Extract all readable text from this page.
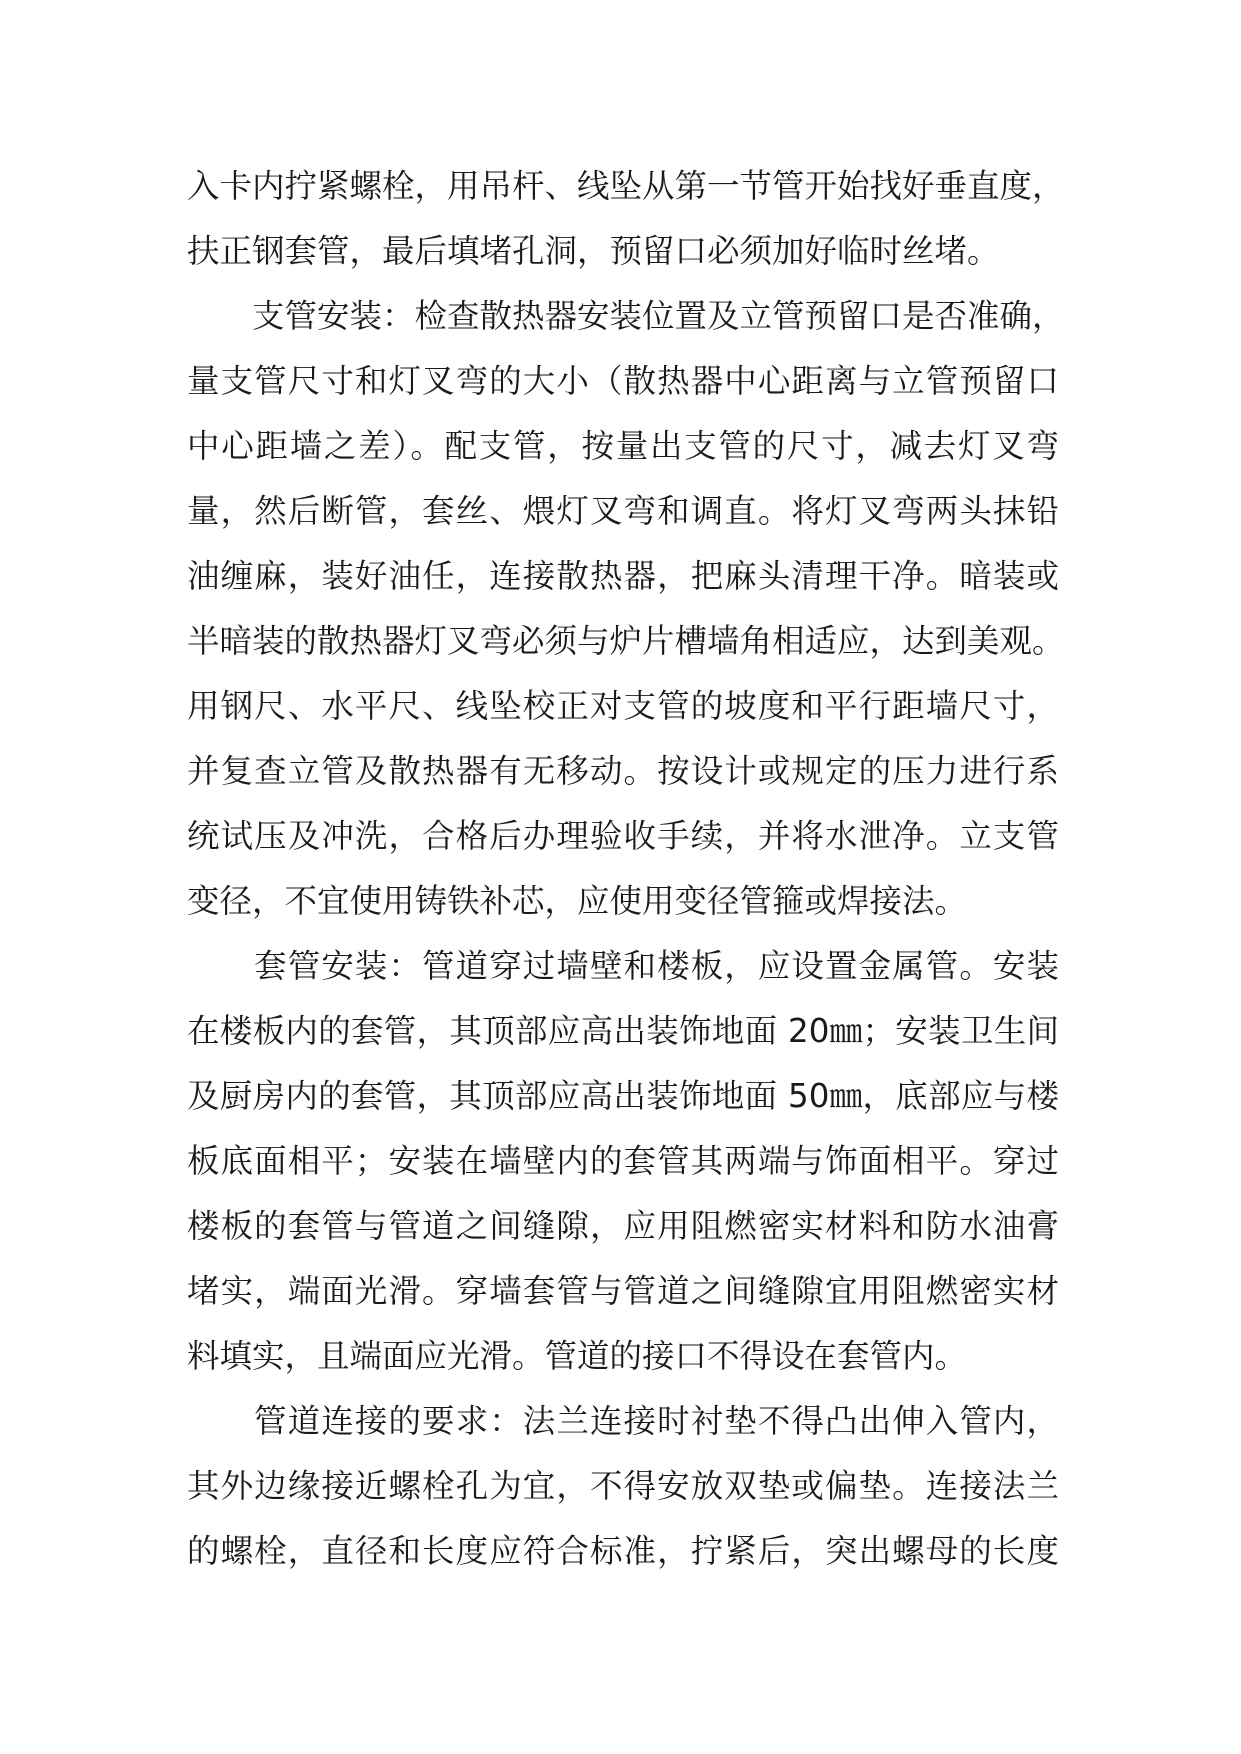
入卡内拧紧螺栓，用吊杆、线坠从第一节管开始找好垂直度，
扶正钢套管，最后填堵孔洞，预留口必须加好临时丝堵。
　　支管安装：检查散热器安装位置及立管预留口是否准确，
量支管尺寸和灯叉弯的大小（散热器中心距离与立管预留口
中心距墙之差）。配支管，按量出支管的尺寸，减去灯叉弯
量，然后断管，套丝、煨灯叉弯和调直。将灯叉弯两头抹铅
油缠麻，装好油任，连接散热器，把麻头清理干净。暗装或
半暗装的散热器灯叉弯必须与炉片槽墙角相适应，达到美观。
用钢尺、水平尺、线坠校正对支管的坡度和平行距墙尺寸，
并复查立管及散热器有无移动。按设计或规定的压力进行系
统试压及冲洗，合格后办理验收手续，并将水泄净。立支管
变径，不宜使用铸铁补芯，应使用变径管箍或焊接法。
　　套管安装：管道穿过墙壁和楼板，应设置金属管。安装
在楼板内的套管，其顶部应高出装饰地面 20㎜；安装卫生间
及厨房内的套管，其顶部应高出装饰地面 50㎜，底部应与楼
板底面相平；安装在墙壁内的套管其两端与饰面相平。穿过
楼板的套管与管道之间缝隙，应用阻燃密实材料和防水油膏
堵实，端面光滑。穿墙套管与管道之间缝隙宜用阻燃密实材
料填实，且端面应光滑。管道的接口不得设在套管内。
　　管道连接的要求：法兰连接时衬垫不得凸出伸入管内，
其外边缘接近螺栓孔为宜，不得安放双垫或偏垫。连接法兰
的螺栓，直径和长度应符合标准，拧紧后，突出螺母的长度
